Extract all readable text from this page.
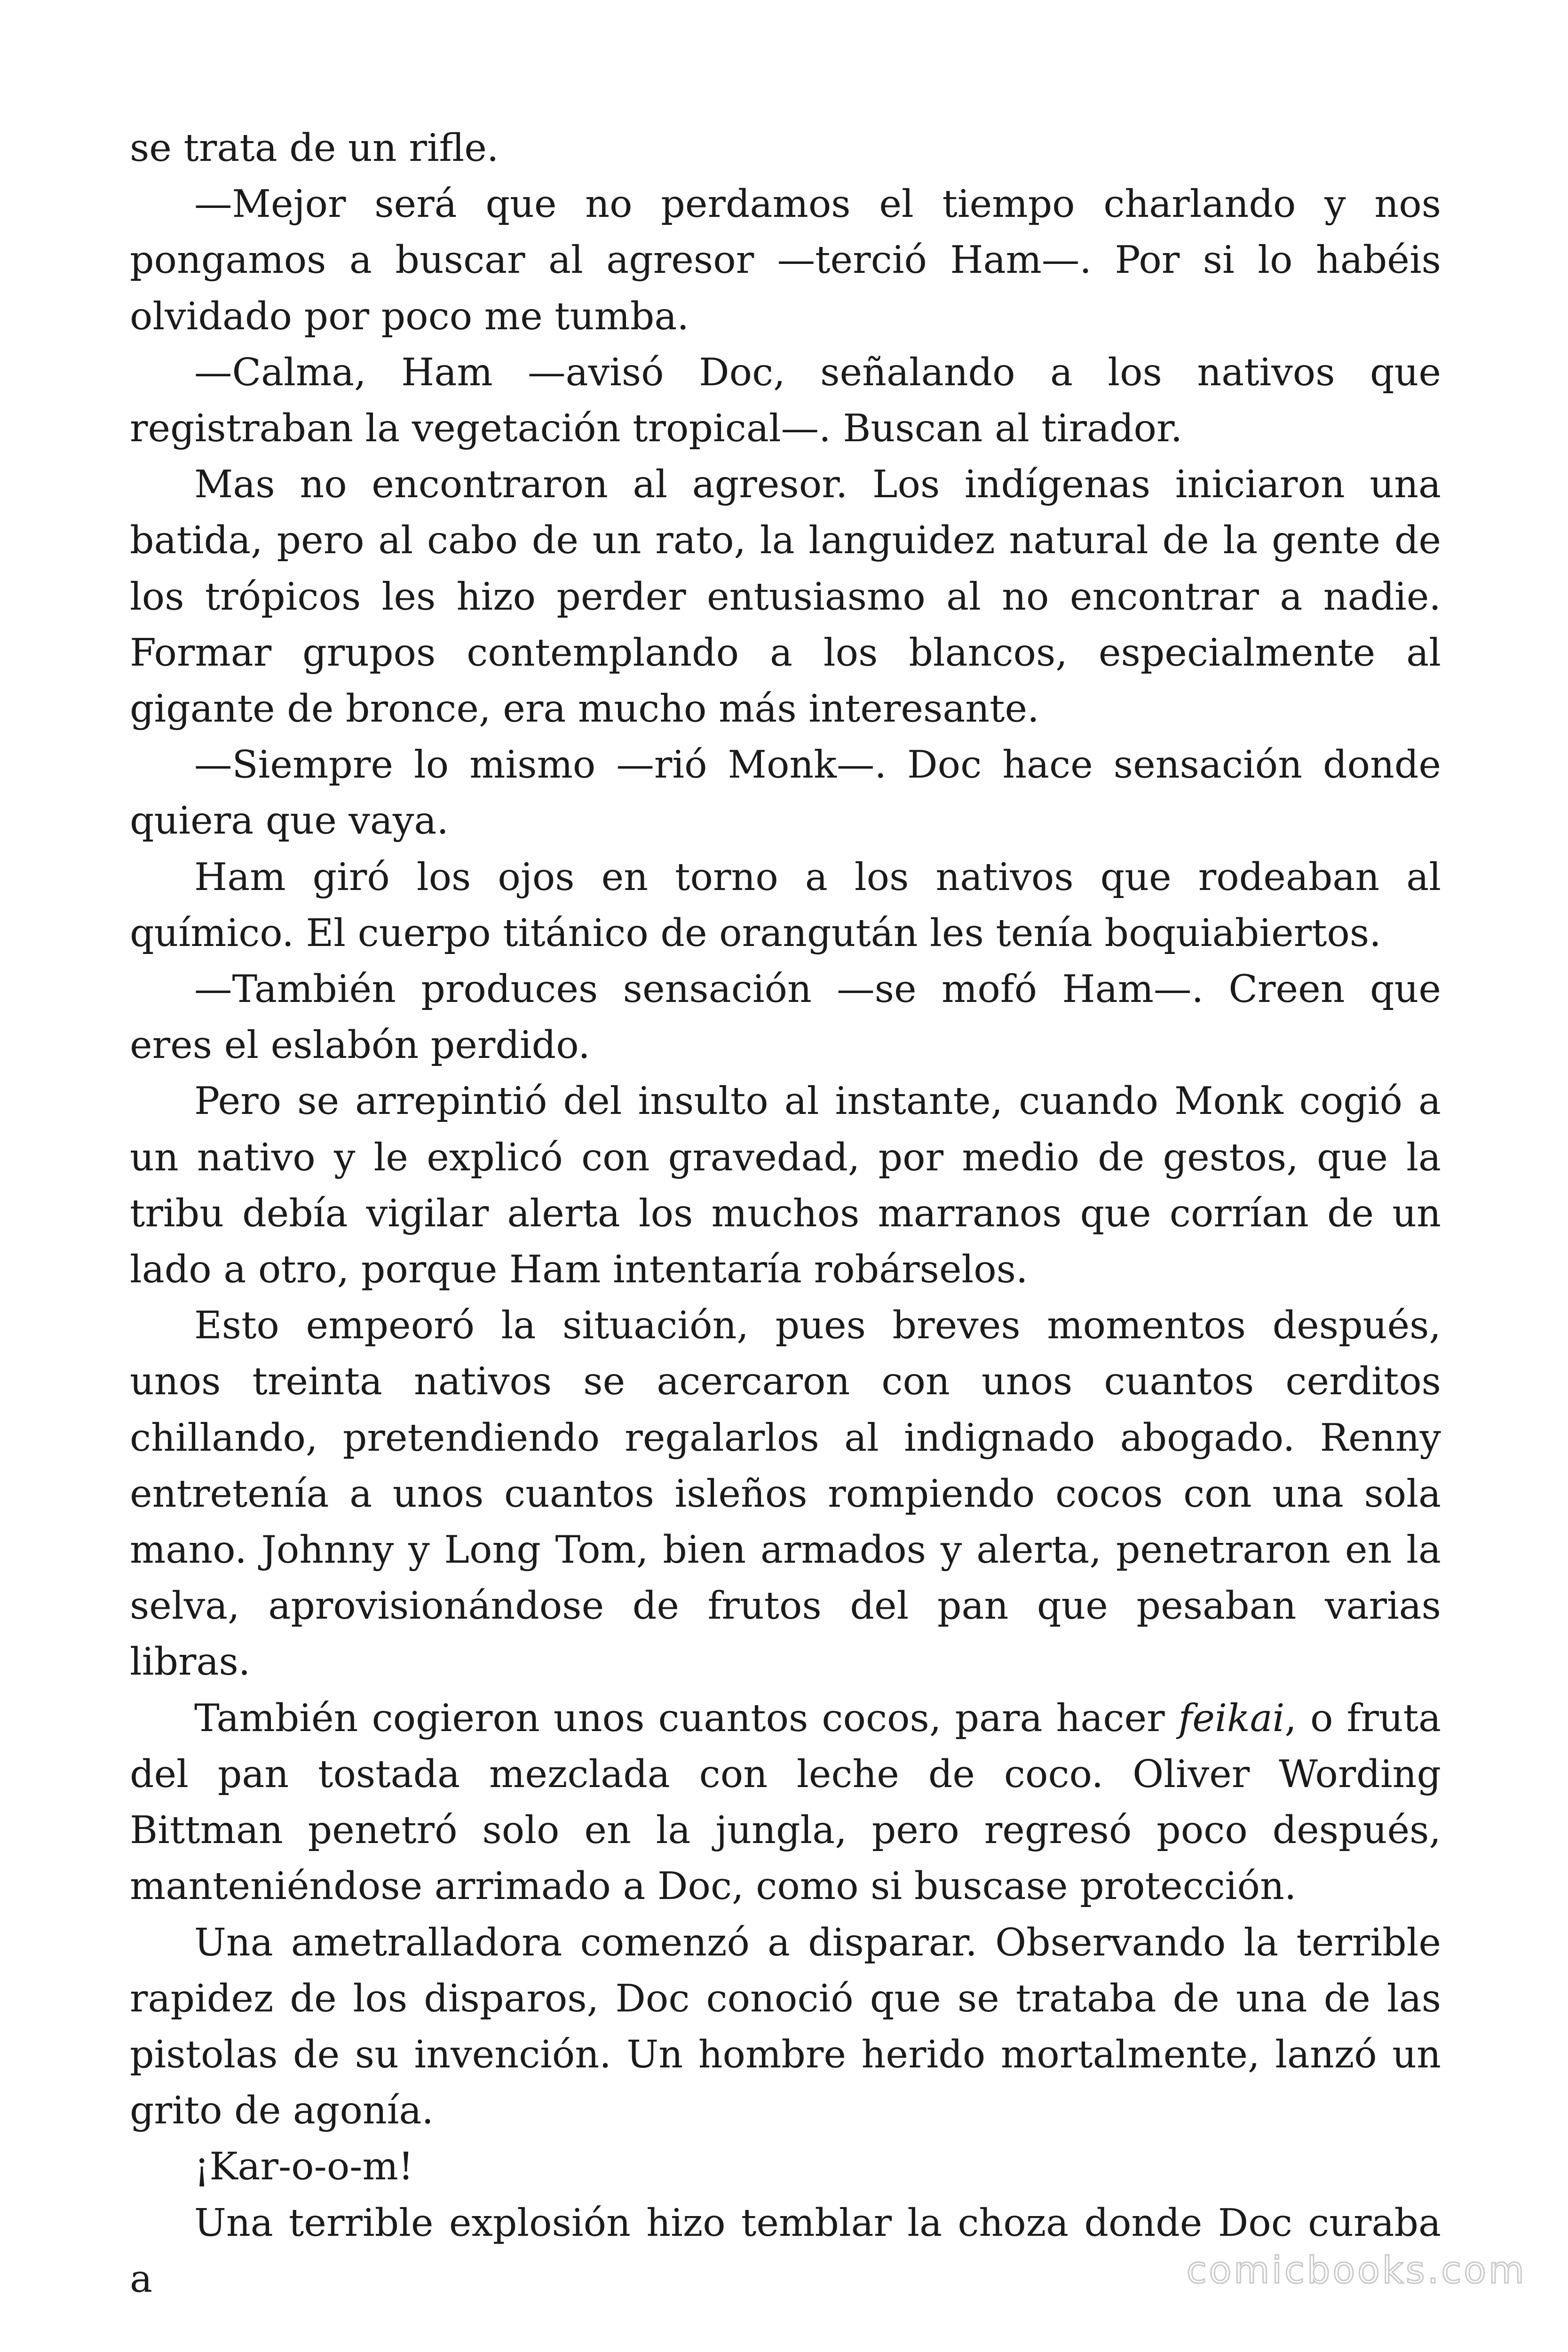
se trata de un rifle.

—Mejor será que no perdamos el tiempo charlando y nos pongamos a buscar al agresor —terció Ham—. Por si lo habéis olvidado por poco me tumba.

—Calma, Ham —avisó Doc, señalando a los nativos que registraban la vegetación tropical—. Buscan al tirador.

Mas no encontraron al agresor. Los indígenas iniciaron una batida, pero al cabo de un rato, la languidez natural de la gente de los trópicos les hizo perder entusiasmo al no encontrar a nadie. Formar grupos contemplando a los blancos, especialmente al gigante de bronce, era mucho más interesante.

—Siempre lo mismo —rió Monk—. Doc hace sensación donde quiera que vaya.

Ham giró los ojos en torno a los nativos que rodeaban al químico. El cuerpo titánico de orangután les tenía boquiabiertos.

—También produces sensación —se mofó Ham—. Creen que eres el eslabón perdido.

Pero se arrepintió del insulto al instante, cuando Monk cogió a un nativo y le explicó con gravedad, por medio de gestos, que la tribu debía vigilar alerta los muchos marranos que corrían de un lado a otro, porque Ham intentaría robárselos.

Esto empeoró la situación, pues breves momentos después, unos treinta nativos se acercaron con unos cuantos cerditos chillando, pretendiendo regalarlos al indignado abogado. Renny entretenía a unos cuantos isleños rompiendo cocos con una sola mano. Johnny y Long Tom, bien armados y alerta, penetraron en la selva, aprovisionándose de frutos del pan que pesaban varias libras.

También cogieron unos cuantos cocos, para hacer feikai, o fruta del pan tostada mezclada con leche de coco. Oliver Wording Bittman penetró solo en la jungla, pero regresó poco después, manteniéndose arrimado a Doc, como si buscase protección.

Una ametralladora comenzó a disparar. Observando la terrible rapidez de los disparos, Doc conoció que se trataba de una de las pistolas de su invención. Un hombre herido mortalmente, lanzó un grito de agonía.

¡Kar-o-o-m!

Una terrible explosión hizo temblar la choza donde Doc curaba a	comicbooks.com
